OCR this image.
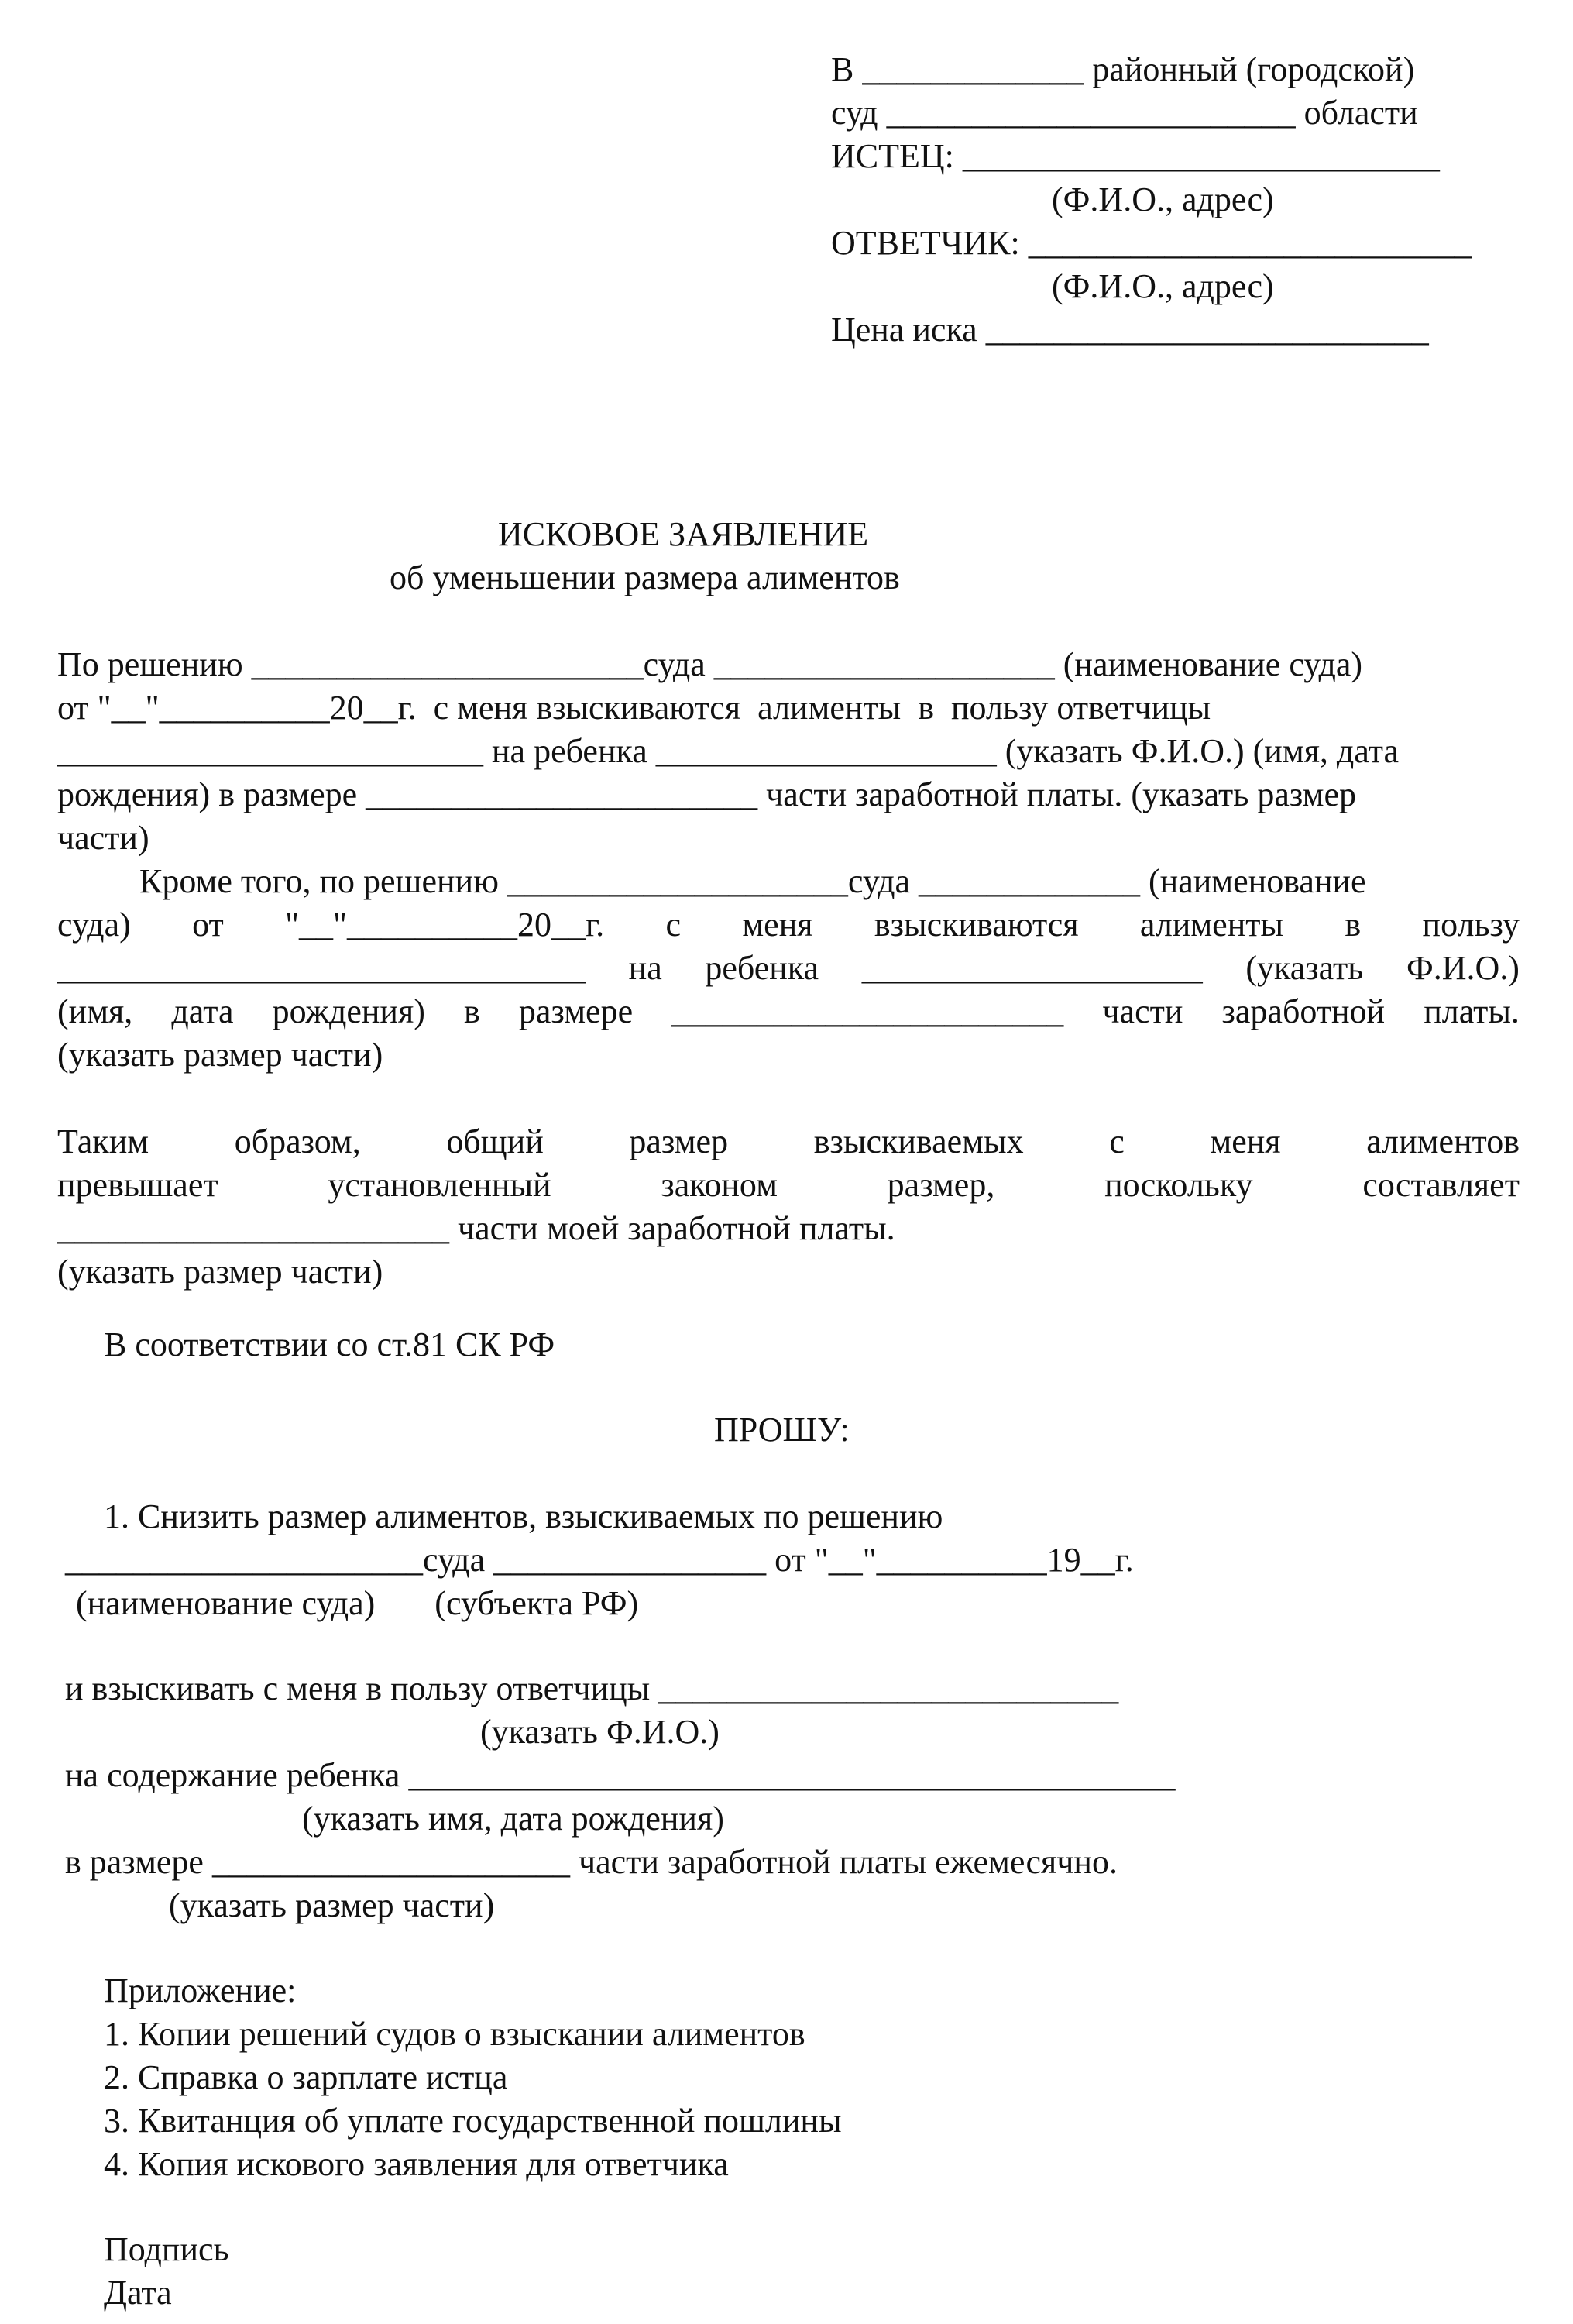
В _____________ районный (городской)
суд ________________________ области
ИСТЕЦ: ____________________________
(Ф.И.О., адрес)
ОТВЕТЧИК: __________________________
(Ф.И.О., адрес)
Цена иска __________________________
ИСКОВОЕ ЗАЯВЛЕНИЕ
об уменьшении размера алиментов
По решению _______________________суда ____________________ (наименование суда)
от "__"__________20__г.  с меня взыскиваются  алименты  в  пользу ответчицы
_________________________ на ребенка ____________________ (указать Ф.И.О.) (имя, дата
рождения) в размере _______________________ части заработной платы. (указать размер
части)
Кроме того, по решению ____________________суда _____________ (наименование
суда) от "__"__________20__г. с меня взыскиваются алименты в пользу
_______________________________ на ребенка ____________________ (указать Ф.И.О.)
(имя, дата рождения) в размере _______________________ части заработной платы.
(указать размер части)
Таким	образом,	общий	размер	взыскиваемых	с	меня	алиментов
превышает	установленный	законом	размер,	поскольку	составляет
_______________________ части моей заработной платы.
(указать размер части)
В соответствии со ст.81 СК РФ
ПРОШУ:
1. Снизить размер алиментов, взыскиваемых по решению
_____________________суда ________________ от "__"__________19__г.
(наименование суда)       (субъекта РФ)
и взыскивать с меня в пользу ответчицы ___________________________
(указать Ф.И.О.)
на содержание ребенка _____________________________________________
(указать имя, дата рождения)
в размере _____________________ части заработной платы ежемесячно.
(указать размер части)
Приложение:
1. Копии решений судов о взыскании алиментов
2. Справка о зарплате истца
3. Квитанция об уплате государственной пошлины
4. Копия искового заявления для ответчика
Подпись
Дата
